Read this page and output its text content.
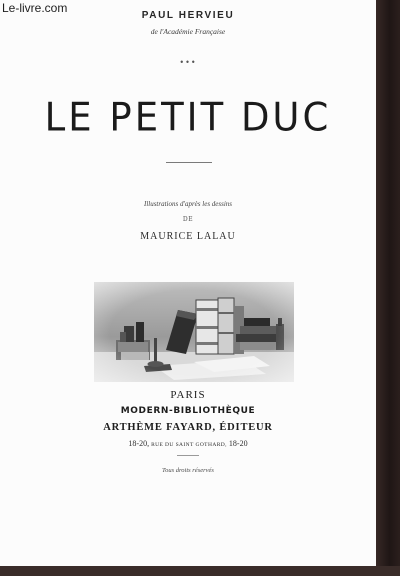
Le-livre.com
PAUL HERVIEU
de l'Académie Française
•••
LE PETIT DUC
Illustrations d'après les dessins
DE
MAURICE LALAU
PARIS
MODERN-BIBLIOTHÈQUE
ARTHÈME FAYARD, ÉDITEUR
18-20, RUE DU SAINT GOTHARD, 18-20
Tous droits réservés
